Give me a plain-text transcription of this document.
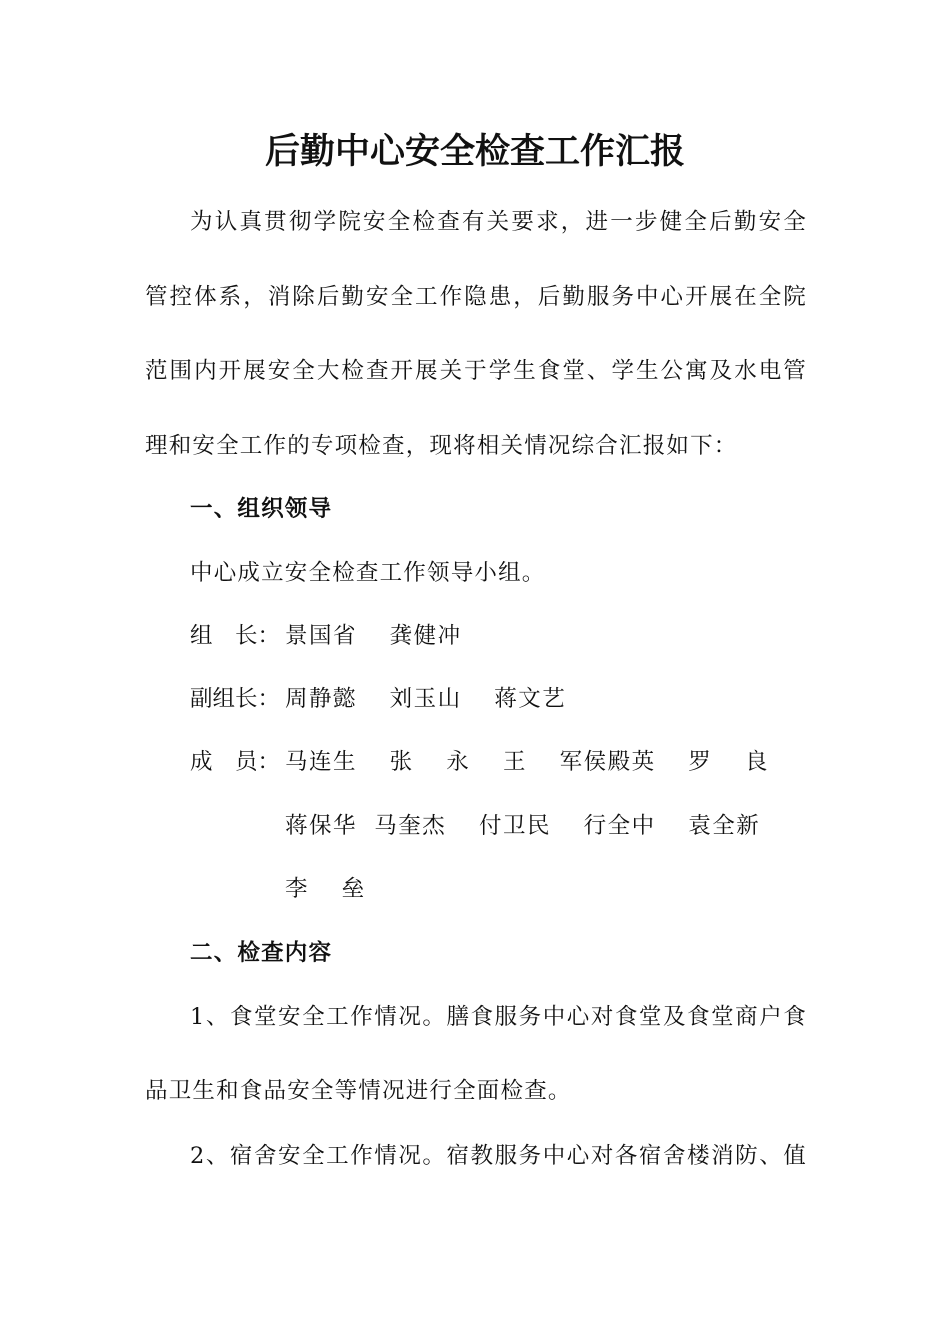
后勤中心安全检查工作汇报
为认真贯彻学院安全检查有关要求，进一步健全后勤安全
管控体系，消除后勤安全工作隐患，后勤服务中心开展在全院
范围内开展安全大检查开展关于学生食堂、学生公寓及水电管
理和安全工作的专项检查，现将相关情况综合汇报如下：
一、组织领导
中心成立安全检查工作领导小组。
组　长： 景国省　 龚健冲
副组长： 周静懿　 刘玉山　 蒋文艺
成　员： 马连生　 张　 永　 王　 军侯殿英　 罗　 良
蒋保华  马奎杰　 付卫民　 行全中　 袁全新
李　 垒
二、检查内容
1、食堂安全工作情况。膳食服务中心对食堂及食堂商户食
品卫生和食品安全等情况进行全面检查。
2、宿舍安全工作情况。宿教服务中心对各宿舍楼消防、值
